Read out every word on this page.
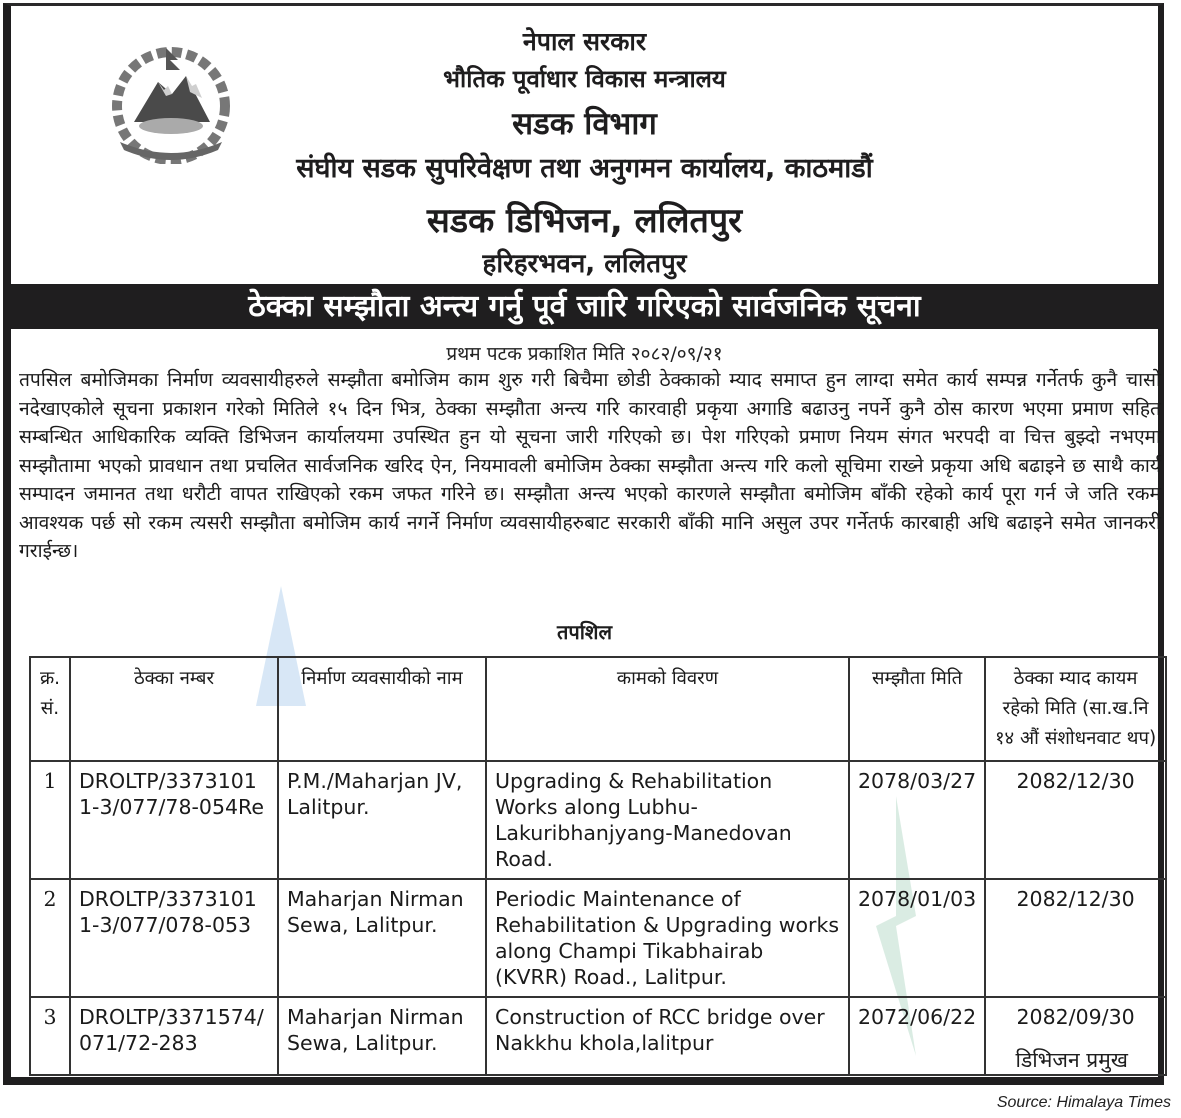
नेपाल सरकार
भौतिक पूर्वाधार विकास मन्त्रालय
सडक विभाग
संघीय सडक सुपरिवेक्षण तथा अनुगमन कार्यालय, काठमाडौं
सडक डिभिजन, ललितपुर
हरिहरभवन, ललितपुर
ठेक्का सम्झौता अन्त्य गर्नु पूर्व जारि गरिएको सार्वजनिक सूचना
प्रथम पटक प्रकाशित मिति २०८२/०९/२१
तपसिल बमोजिमका निर्माण व्यवसायीहरुले सम्झौता बमोजिम काम शुरु गरी बिचैमा छोडी ठेक्काको म्याद समाप्त हुन लाग्दा समेत कार्य सम्पन्न गर्नेतर्फ कुनै चासो नदेखाएकोले सूचना प्रकाशन गरेको मितिले १५ दिन भित्र, ठेक्का सम्झौता अन्त्य गरि कारवाही प्रकृया अगाडि बढाउनु नपर्ने कुनै ठोस कारण भएमा प्रमाण सहित सम्बन्धित आधिकारिक व्यक्ति डिभिजन कार्यालयमा उपस्थित हुन यो सूचना जारी गरिएको छ। पेश गरिएको प्रमाण नियम संगत भरपदी वा चित्त बुझ्दो नभएमा सम्झौतामा भएको प्रावधान तथा प्रचलित सार्वजनिक खरिद ऐन, नियमावली बमोजिम ठेक्का सम्झौता अन्त्य गरि कलो सूचिमा राख्ने प्रकृया अधि बढाइने छ साथै कार्य सम्पादन जमानत तथा धरौटी वापत राखिएको रकम जफत गरिने छ। सम्झौता अन्त्य भएको कारणले सम्झौता बमोजिम बाँकी रहेको कार्य पूरा गर्न जे जति रकम आवश्यक पर्छ सो रकम त्यसरी सम्झौता बमोजिम कार्य नगर्ने निर्माण व्यवसायीहरुबाट सरकारी बाँकी मानि असुल उपर गर्नेतर्फ कारबाही अधि बढाइने समेत जानकरी गराईन्छ।
तपशिल
क्र. सं.	ठेक्का नम्बर	निर्माण व्यवसायीको नाम	कामको विवरण	सम्झौता मिति	ठेक्का म्याद कायम रहेको मिति (सा.ख.नि १४ औं संशोधनवाट थप)
1	DROLTP/3373101 1-3/077/78-054Re	P.M./Maharjan JV, Lalitpur.	Upgrading & Rehabilitation Works along Lubhu-Lakuribhanjyang-Manedovan Road.	2078/03/27	2082/12/30
2	DROLTP/3373101 1-3/077/078-053	Maharjan Nirman Sewa, Lalitpur.	Periodic Maintenance of Rehabilitation & Upgrading works along Champi Tikabhairab (KVRR) Road., Lalitpur.	2078/01/03	2082/12/30
3	DROLTP/3371574/ 071/72-283	Maharjan Nirman Sewa, Lalitpur.	Construction of RCC bridge over Nakkhu khola,lalitpur	2072/06/22	2082/09/30
डिभिजन प्रमुख
Source: Himalaya Times
